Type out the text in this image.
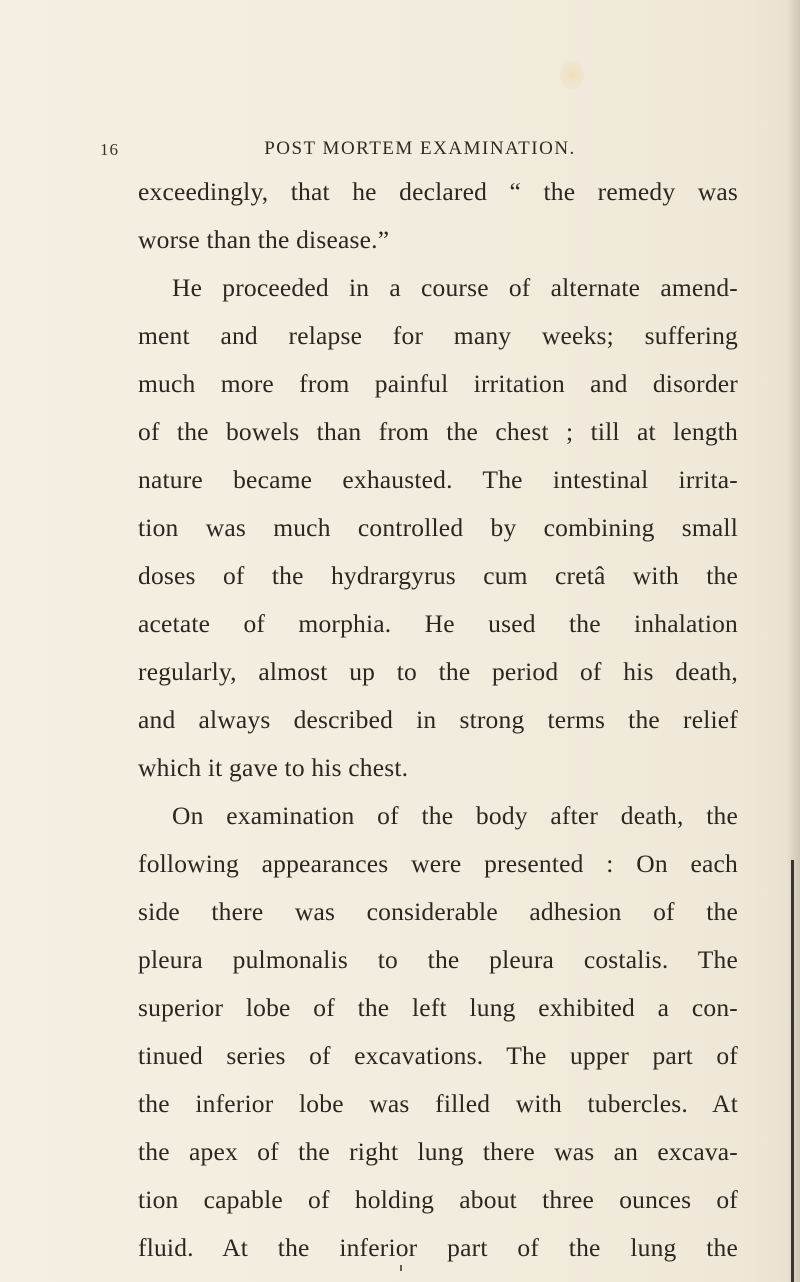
16	POST MORTEM EXAMINATION.
exceedingly, that he declared “ the remedy was
worse than the disease.”
He proceeded in a course of alternate amend-
ment and relapse for many weeks; suffering
much more from painful irritation and disorder
of the bowels than from the chest ; till at length
nature became exhausted. The intestinal irrita-
tion was much controlled by combining small
doses of the hydrargyrus cum cretâ with the
acetate of morphia. He used the inhalation
regularly, almost up to the period of his death,
and always described in strong terms the relief
which it gave to his chest.
On examination of the body after death, the
following appearances were presented : On each
side there was considerable adhesion of the
pleura pulmonalis to the pleura costalis. The
superior lobe of the left lung exhibited a con-
tinued series of excavations. The upper part of
the inferior lobe was filled with tubercles. At
the apex of the right lung there was an excava-
tion capable of holding about three ounces of
fluid. At the inferior part of the lung the
